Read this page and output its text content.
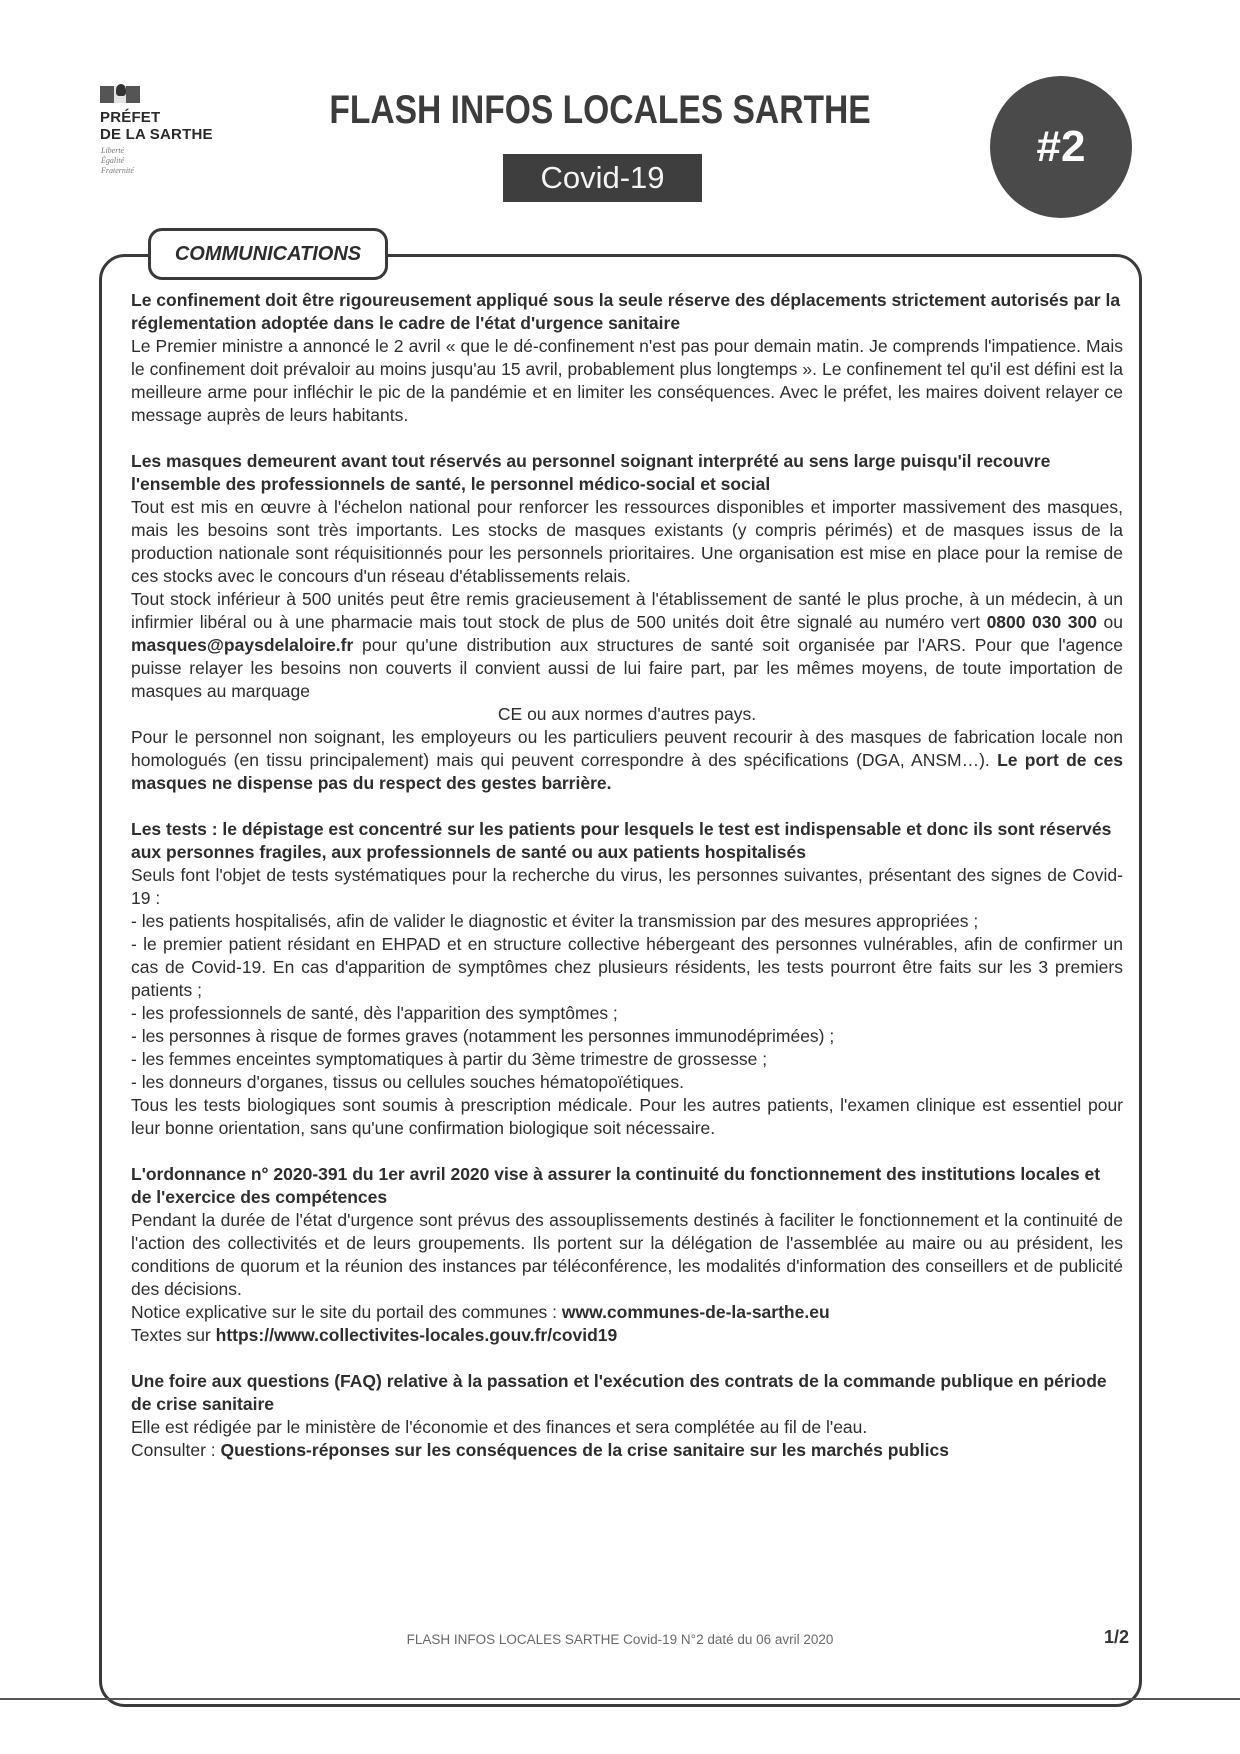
PRÉFET
DE LA SARTHE
Liberté
Égalité
Fraternité
FLASH INFOS LOCALES SARTHE
Covid-19
#2
COMMUNICATIONS

Le confinement doit être rigoureusement appliqué sous la seule réserve des déplacements strictement autorisés par la réglementation adoptée dans le cadre de l'état d'urgence sanitaire

Le Premier ministre a annoncé le 2 avril « que le dé-confinement n'est pas pour demain matin. Je comprends l'impatience. Mais le confinement doit prévaloir au moins jusqu'au 15 avril, probablement plus longtemps ». Le confinement tel qu'il est défini est la meilleure arme pour infléchir le pic de la pandémie et en limiter les conséquences. Avec le préfet, les maires doivent relayer ce message auprès de leurs habitants.

Les masques demeurent avant tout réservés au personnel soignant interprété au sens large puisqu'il recouvre l'ensemble des professionnels de santé, le personnel médico-social et social

Tout est mis en œuvre à l'échelon national pour renforcer les ressources disponibles et importer massivement des masques, mais les besoins sont très importants. Les stocks de masques existants (y compris périmés) et de masques issus de la production nationale sont réquisitionnés pour les personnels prioritaires. Une organisation est mise en place pour la remise de ces stocks avec le concours d'un réseau d'établissements relais.

Tout stock inférieur à 500 unités peut être remis gracieusement à l'établissement de santé le plus proche, à un médecin, à un infirmier libéral ou à une pharmacie mais tout stock de plus de 500 unités doit être signalé au numéro vert 0800 030 300 ou masques@paysdelaloire.fr pour qu'une distribution aux structures de santé soit organisée par l'ARS. Pour que l'agence puisse relayer les besoins non couverts il convient aussi de lui faire part, par les mêmes moyens, de toute importation de masques au marquage

CE ou aux normes d'autres pays.

Pour le personnel non soignant, les employeurs ou les particuliers peuvent recourir à des masques de fabrication locale non homologués (en tissu principalement) mais qui peuvent correspondre à des spécifications (DGA, ANSM…). Le port de ces masques ne dispense pas du respect des gestes barrière.

Les tests : le dépistage est concentré sur les patients pour lesquels le test est indispensable et donc ils sont réservés aux personnes fragiles, aux professionnels de santé ou aux patients hospitalisés

Seuls font l'objet de tests systématiques pour la recherche du virus, les personnes suivantes, présentant des signes de Covid-19 :

- les patients hospitalisés, afin de valider le diagnostic et éviter la transmission par des mesures appropriées ;

- le premier patient résidant en EHPAD et en structure collective hébergeant des personnes vulnérables, afin de confirmer un cas de Covid-19. En cas d'apparition de symptômes chez plusieurs résidents, les tests pourront être faits sur les 3 premiers patients ;

- les professionnels de santé, dès l'apparition des symptômes ;

- les personnes à risque de formes graves (notamment les personnes immunodéprimées) ;

- les femmes enceintes symptomatiques à partir du 3ème trimestre de grossesse ;

- les donneurs d'organes, tissus ou cellules souches hématopoïétiques.

Tous les tests biologiques sont soumis à prescription médicale. Pour les autres patients, l'examen clinique est essentiel pour leur bonne orientation, sans qu'une confirmation biologique soit nécessaire.

L'ordonnance n° 2020-391 du 1er avril 2020 vise à assurer la continuité du fonctionnement des institutions locales et de l'exercice des compétences

Pendant la durée de l'état d'urgence sont prévus des assouplissements destinés à faciliter le fonctionnement et la continuité de l'action des collectivités et de leurs groupements. Ils portent sur la délégation de l'assemblée au maire ou au président, les conditions de quorum et la réunion des instances par téléconférence, les modalités d'information des conseillers et de publicité des décisions.

Notice explicative sur le site du portail des communes : www.communes-de-la-sarthe.eu

Textes sur https://www.collectivites-locales.gouv.fr/covid19

Une foire aux questions (FAQ) relative à la passation et l'exécution des contrats de la commande publique en période de crise sanitaire

Elle est rédigée par le ministère de l'économie et des finances et sera complétée au fil de l'eau.

Consulter : Questions-réponses sur les conséquences de la crise sanitaire sur les marchés publics

FLASH INFOS LOCALES SARTHE Covid-19 N°2 daté du 06 avril 2020	1/2
